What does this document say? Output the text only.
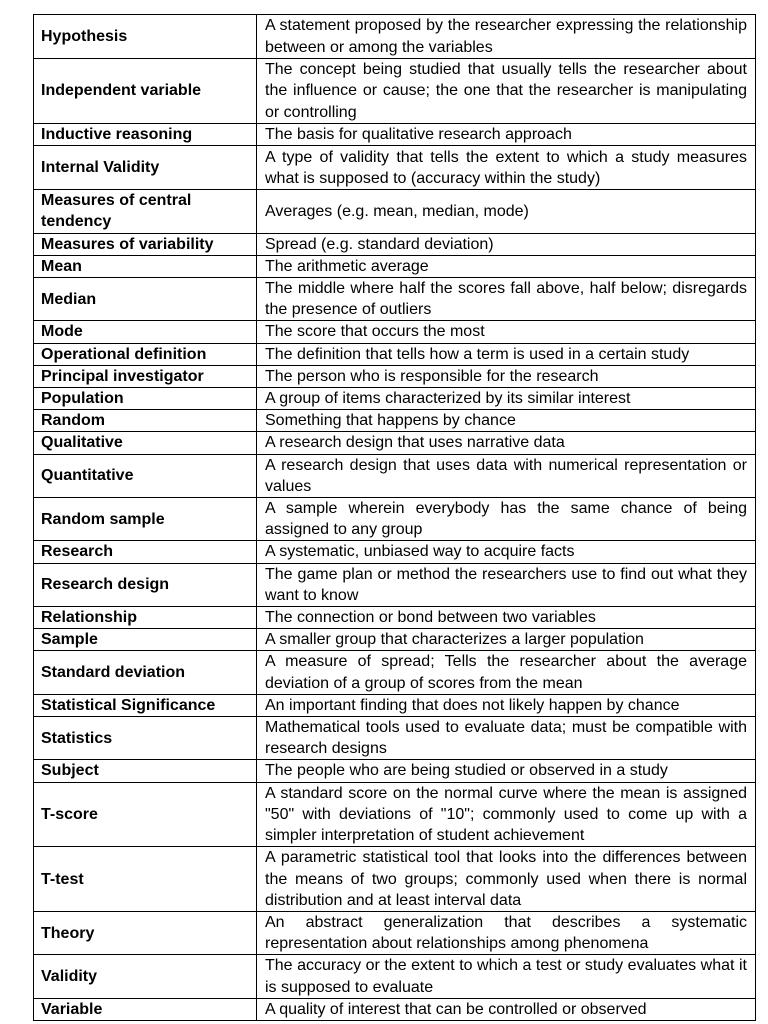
Hypothesis	A statement proposed by the researcher expressing the relationship between or among the variables
Independent variable	The concept being studied that usually tells the researcher about the influence or cause; the one that the researcher is manipulating or controlling
Inductive reasoning	The basis for qualitative research approach
Internal Validity	A type of validity that tells the extent to which a study measures what is supposed to (accuracy within the study)
Measures of central tendency	Averages (e.g. mean, median, mode)
Measures of variability	Spread (e.g. standard deviation)
Mean	The arithmetic average
Median	The middle where half the scores fall above, half below; disregards the presence of outliers
Mode	The score that occurs the most
Operational definition	The definition that tells how a term is used in a certain study
Principal investigator	The person who is responsible for the research
Population	A group of items characterized by its similar interest
Random	Something that happens by chance
Qualitative	A research design that uses narrative data
Quantitative	A research design that uses data with numerical representation or values
Random sample	A sample wherein everybody has the same chance of being assigned to any group
Research	A systematic, unbiased way to acquire facts
Research design	The game plan or method the researchers use to find out what they want to know
Relationship	The connection or bond between two variables
Sample	A smaller group that characterizes a larger population
Standard deviation	A measure of spread; Tells the researcher about the average deviation of a group of scores from the mean
Statistical Significance	An important finding that does not likely happen by chance
Statistics	Mathematical tools used to evaluate data; must be compatible with research designs
Subject	The people who are being studied or observed in a study
T-score	A standard score on the normal curve where the mean is assigned "50" with deviations of "10"; commonly used to come up with a simpler interpretation of student achievement
T-test	A parametric statistical tool that looks into the differences between the means of two groups; commonly used when there is normal distribution and at least interval data
Theory	An abstract generalization that describes a systematic representation about relationships among phenomena
Validity	The accuracy or the extent to which a test or study evaluates what it is supposed to evaluate
Variable	A quality of interest that can be controlled or observed
